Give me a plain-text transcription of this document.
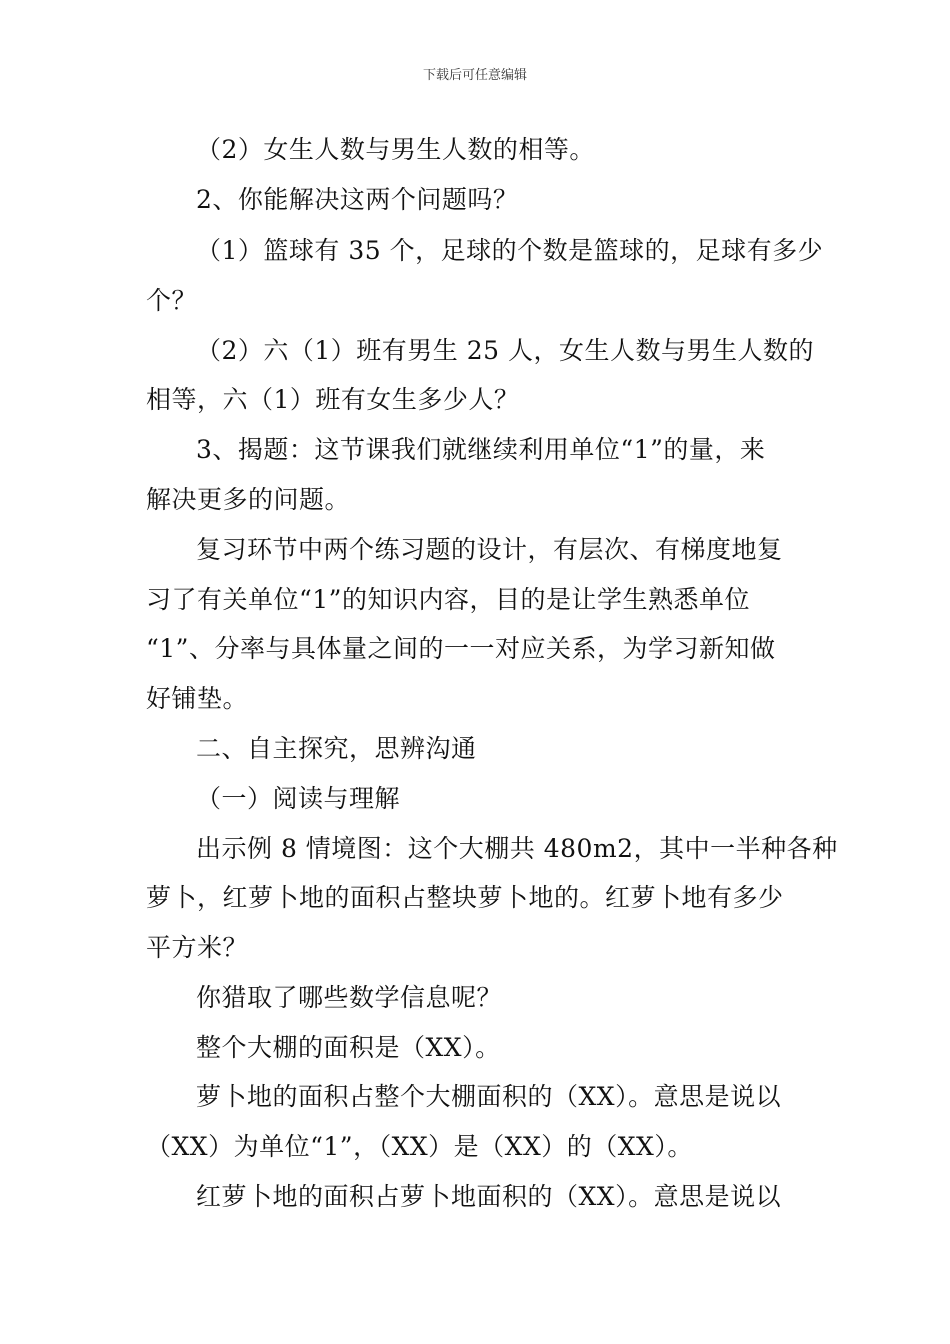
下载后可任意编辑
（2）女生人数与男生人数的相等。
2、你能解决这两个问题吗？
（1）篮球有 35 个，足球的个数是篮球的，足球有多少
个？
（2）六（1）班有男生 25 人，女生人数与男生人数的
相等，六（1）班有女生多少人？
3、揭题：这节课我们就继续利用单位“1”的量，来
解决更多的问题。
复习环节中两个练习题的设计，有层次、有梯度地复
习了有关单位“1”的知识内容，目的是让学生熟悉单位
“1”、分率与具体量之间的一一对应关系，为学习新知做
好铺垫。
二、自主探究，思辨沟通
（一）阅读与理解
出示例 8 情境图：这个大棚共 480m2，其中一半种各种
萝卜，红萝卜地的面积占整块萝卜地的。红萝卜地有多少
平方米？
你猎取了哪些数学信息呢？
整个大棚的面积是（XX）。
萝卜地的面积占整个大棚面积的（XX）。意思是说以
（XX）为单位“1”，（XX）是（XX）的（XX）。
红萝卜地的面积占萝卜地面积的（XX）。意思是说以
